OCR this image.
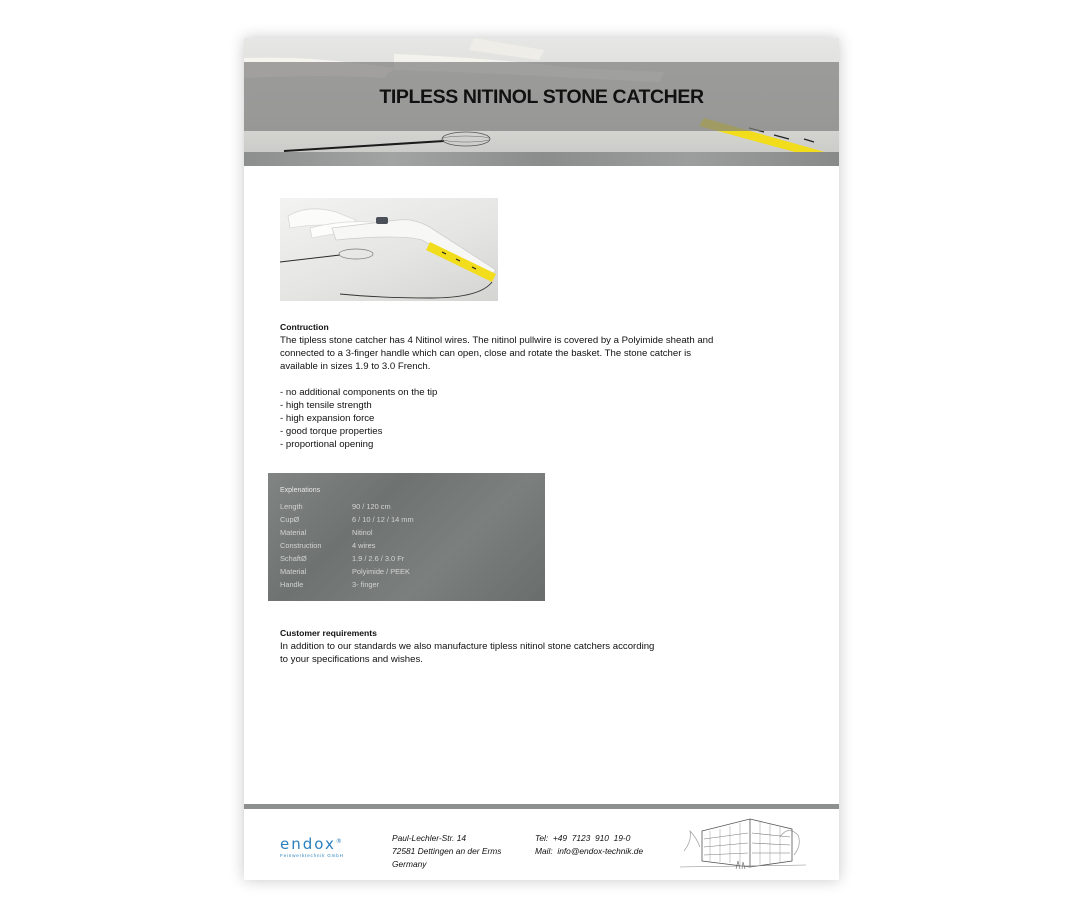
TIPLESS NITINOL STONE CATCHER
Contruction
The tipless stone catcher has 4 Nitinol wires. The nitinol pullwire is covered by a Polyimide sheath and
connected to a 3-finger handle which can open, close and rotate the basket. The stone catcher is
available in sizes 1.9 to 3.0 French.
- no additional components on the tip
- high tensile strength
- high expansion force
- good torque properties
- proportional opening
Explenations
Length	90 / 120 cm
CupØ	6 / 10 / 12 / 14 mm
Material	Nitinol
Construction	4 wires
SchaftØ	1.9 / 2.6 / 3.0 Fr
Material	Polyimide / PEEK
Handle	3- finger
Customer requirements
In addition to our standards we also manufacture tipless nitinol stone catchers according
to your specifications and wishes.
endox®
Feinwerktechnik GmbH
Paul-Lechler-Str. 14
72581 Dettingen an der Erms
Germany
Tel:  +49  7123  910  19-0
Mail:  info@endox-technik.de
